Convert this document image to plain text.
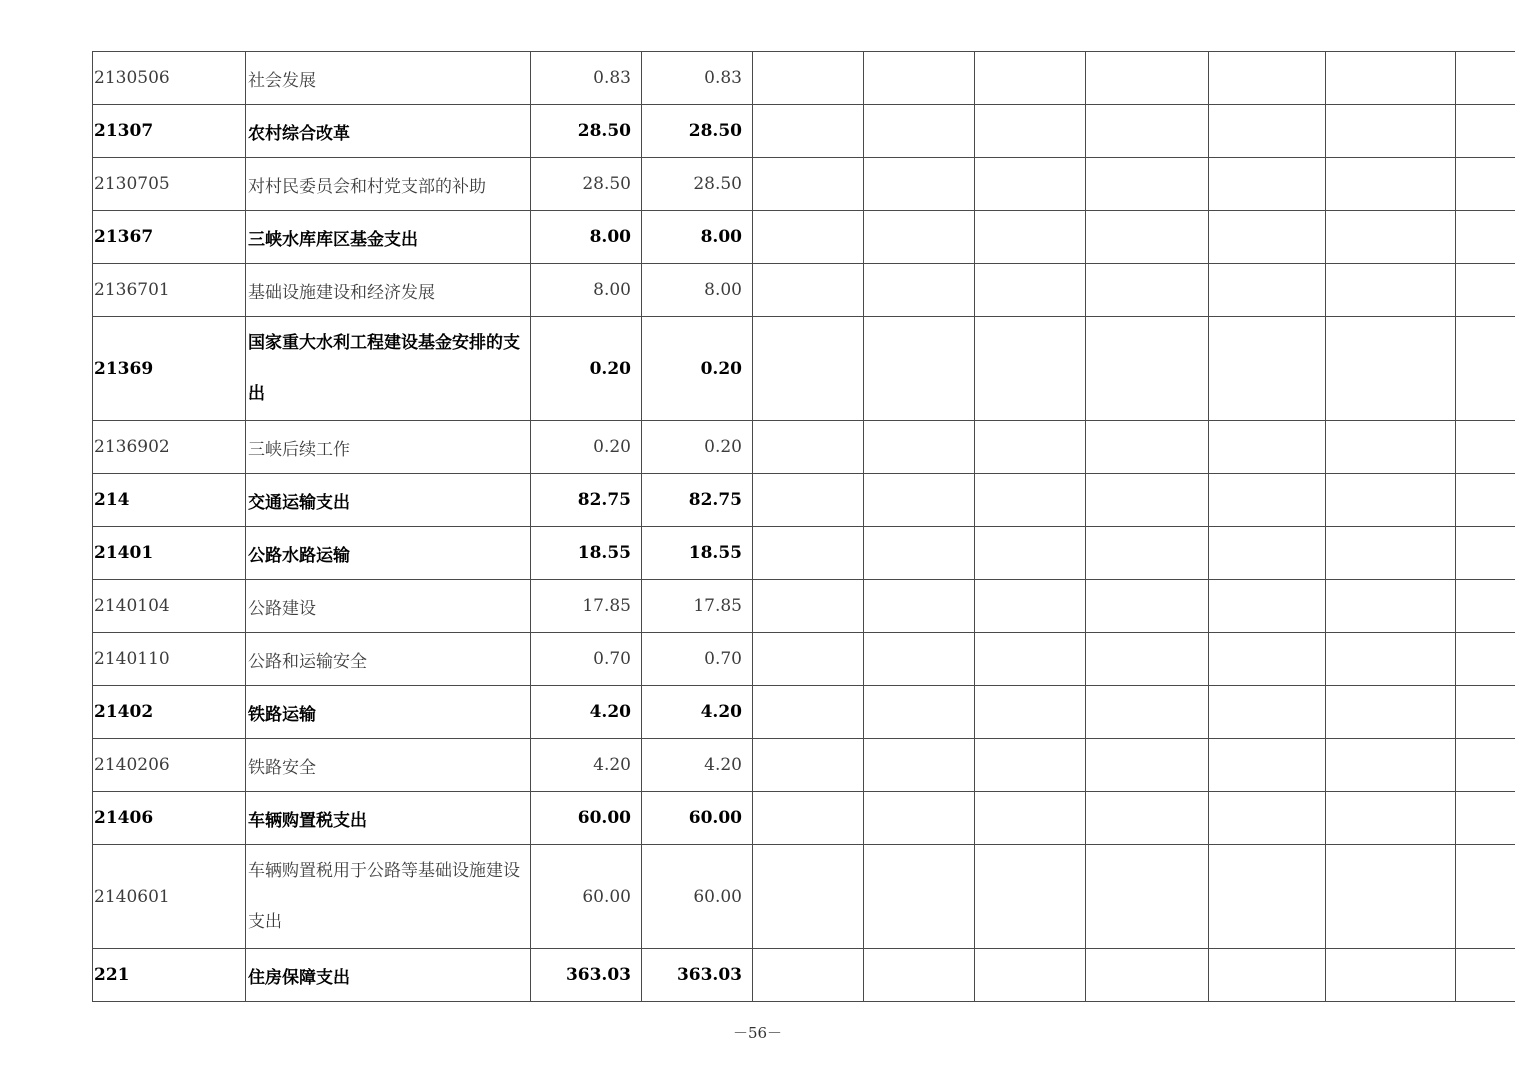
2130506	社会发展	0.83	0.83							
21307	农村综合改革	28.50	28.50							
2130705	对村民委员会和村党支部的补助	28.50	28.50							
21367	三峡水库库区基金支出	8.00	8.00							
2136701	基础设施建设和经济发展	8.00	8.00							
21369	国家重大水利工程建设基金安排的支出	0.20	0.20							
2136902	三峡后续工作	0.20	0.20							
214	交通运输支出	82.75	82.75							
21401	公路水路运输	18.55	18.55							
2140104	公路建设	17.85	17.85							
2140110	公路和运输安全	0.70	0.70							
21402	铁路运输	4.20	4.20							
2140206	铁路安全	4.20	4.20							
21406	车辆购置税支出	60.00	60.00							
2140601	车辆购置税用于公路等基础设施建设支出	60.00	60.00							
221	住房保障支出	363.03	363.03							
－56－
